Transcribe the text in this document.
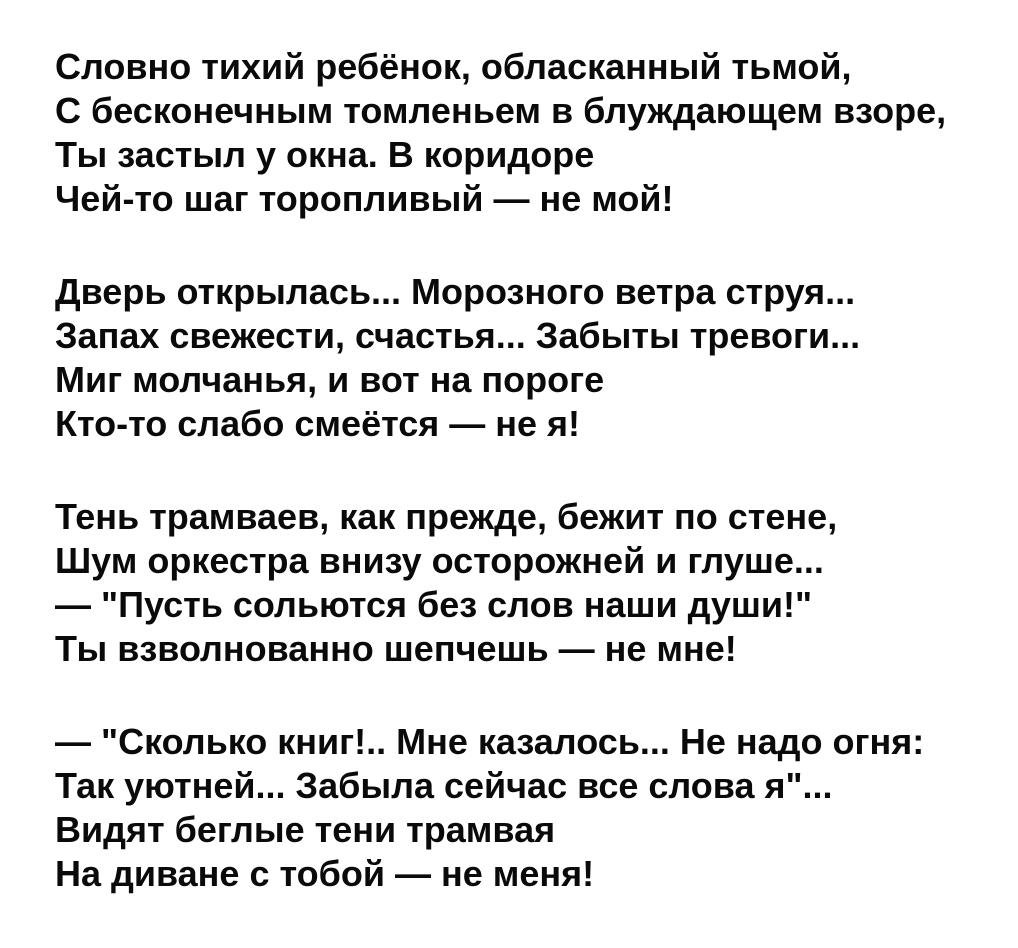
Словно тихий ребёнок, обласканный тьмой,
С бесконечным томленьем в блуждающем взоре,
Ты застыл у окна. В коридоре
Чей-то шаг торопливый — не мой!
Дверь открылась... Морозного ветра струя...
Запах свежести, счастья... Забыты тревоги...
Миг молчанья, и вот на пороге
Кто-то слабо смеётся — не я!
Тень трамваев, как прежде, бежит по стене,
Шум оркестра внизу осторожней и глуше...
— "Пусть сольются без слов наши души!"
Ты взволнованно шепчешь — не мне!
— "Сколько книг!.. Мне казалось... Не надо огня:
Так уютней... Забыла сейчас все слова я"...
Видят беглые тени трамвая
На диване с тобой — не меня!
